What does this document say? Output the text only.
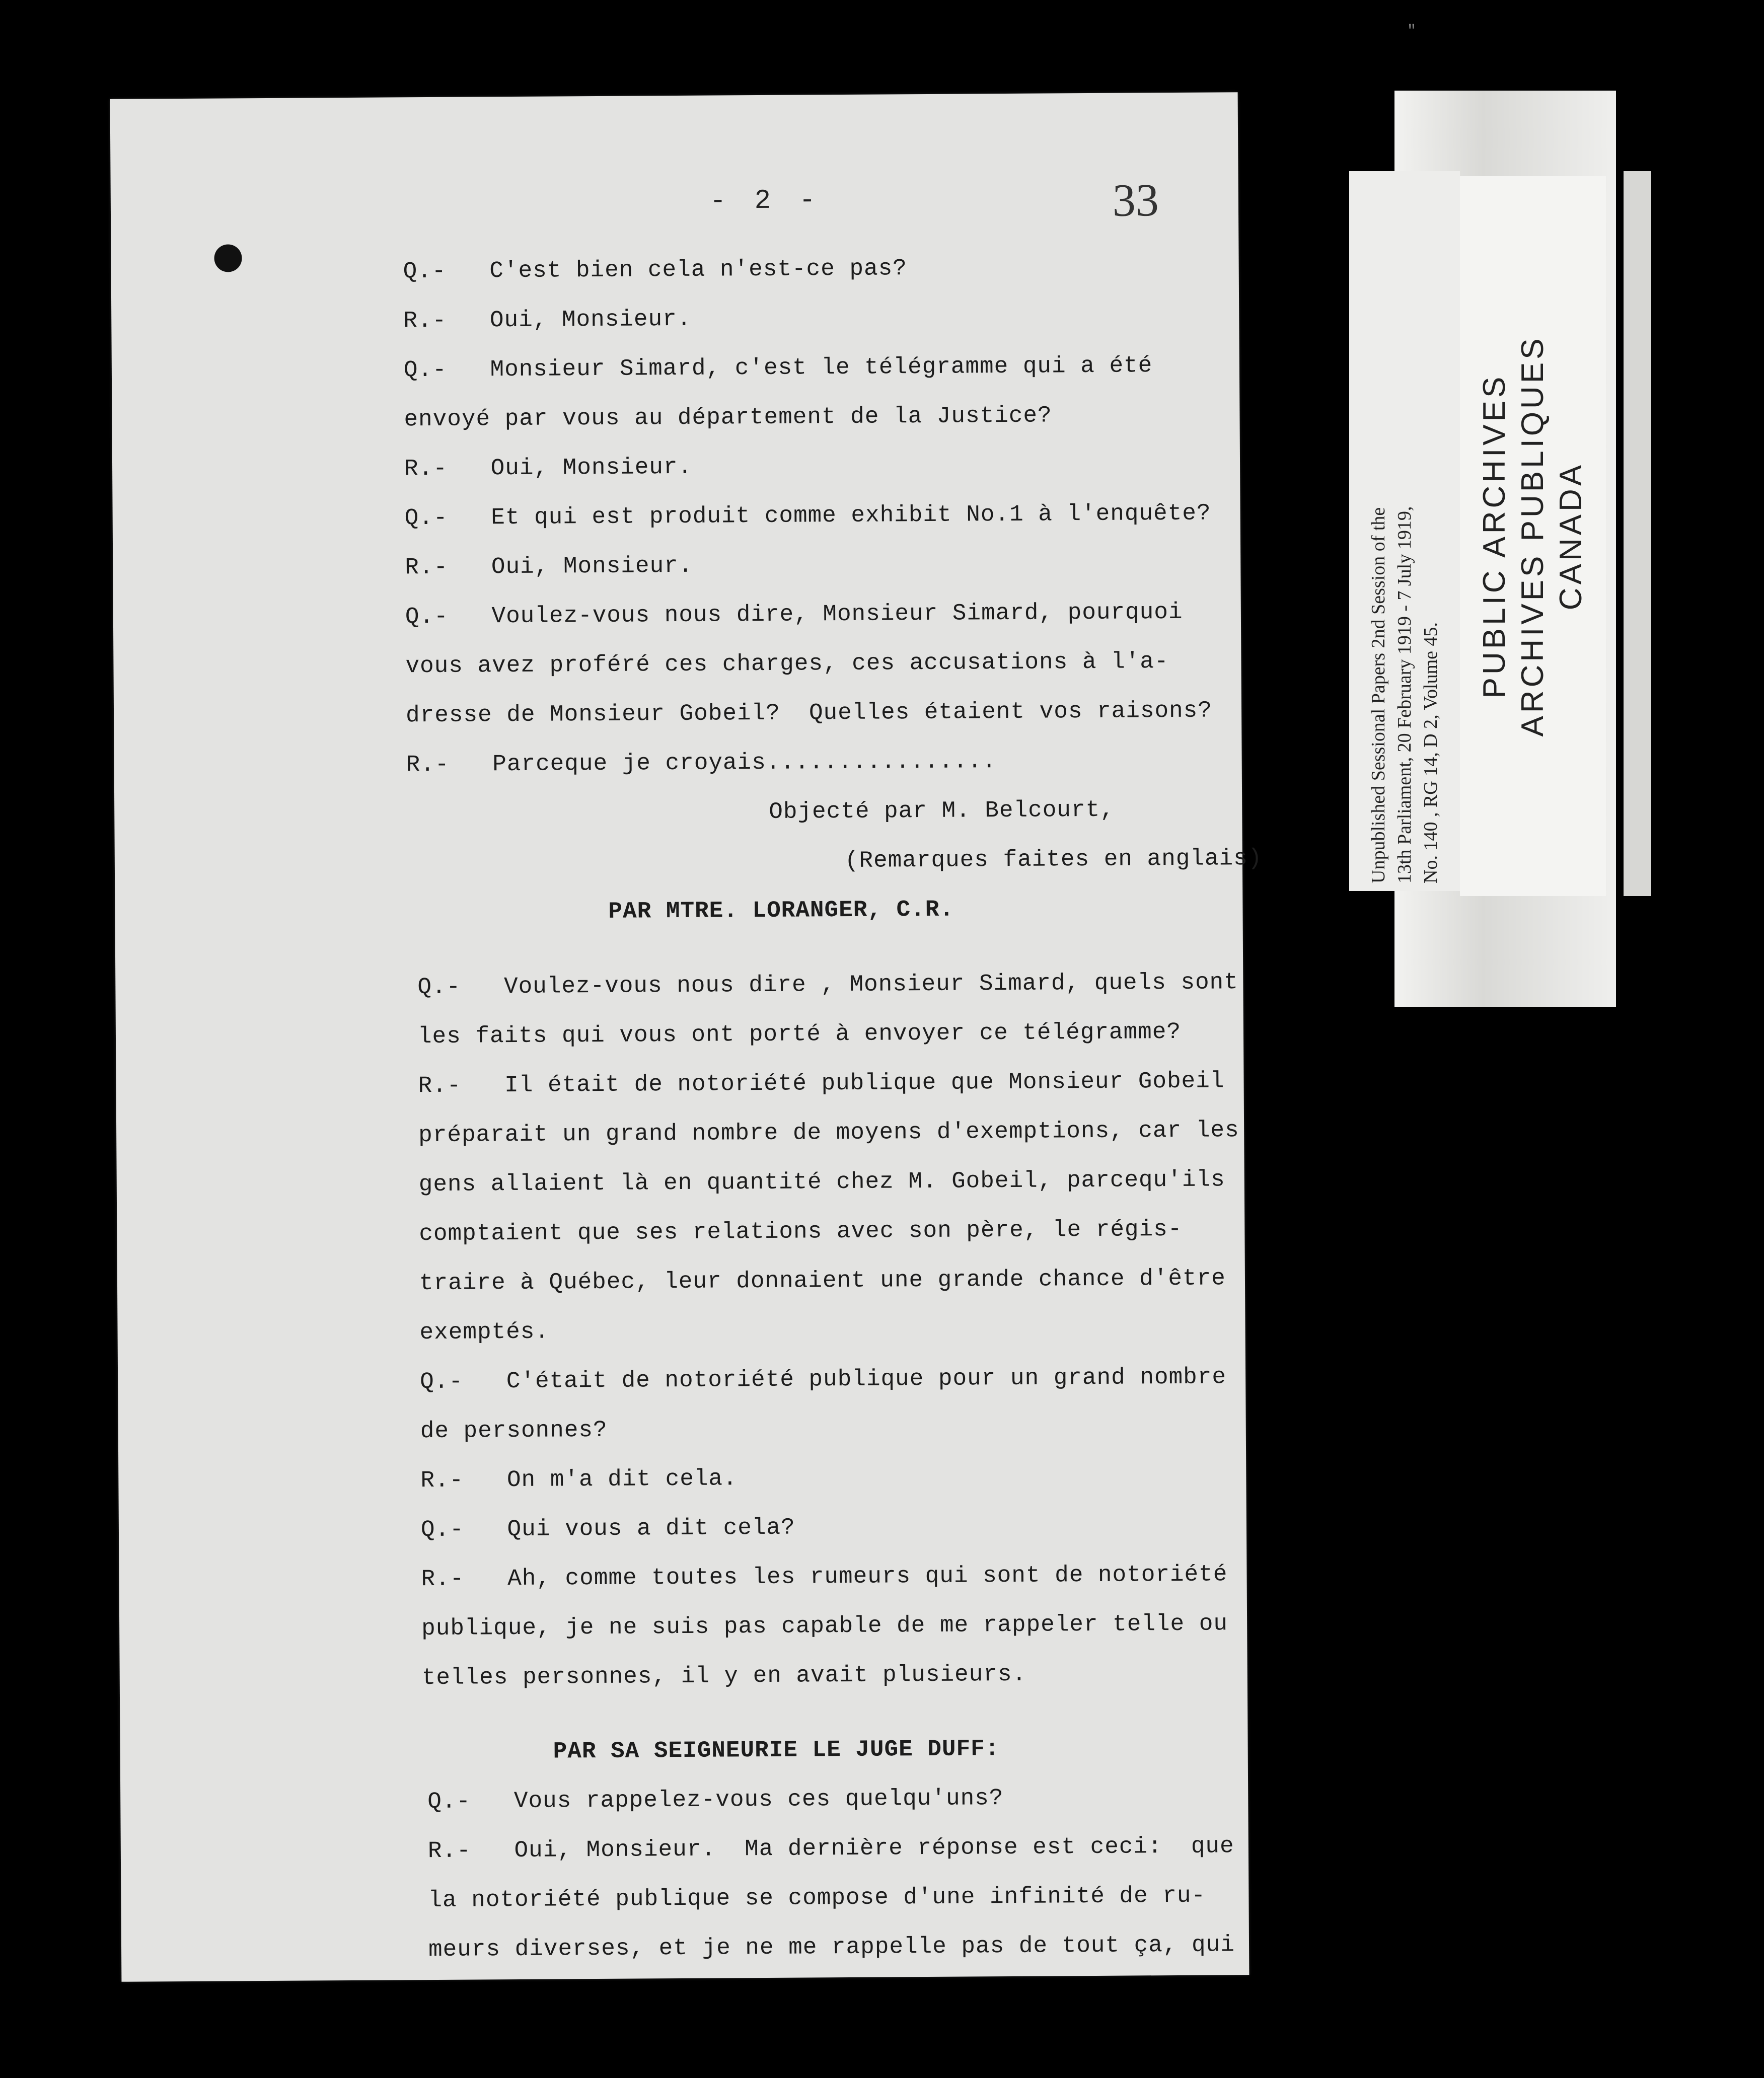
- 2 -	33
Q.-   C'est bien cela n'est-ce pas?
R.-   Oui, Monsieur.
Q.-   Monsieur Simard, c'est le télégramme qui a été
envoyé par vous au département de la Justice?
R.-   Oui, Monsieur.
Q.-   Et qui est produit comme exhibit No.1 à l'enquête?
R.-   Oui, Monsieur.
Q.-   Voulez-vous nous dire, Monsieur Simard, pourquoi
vous avez proféré ces charges, ces accusations à l'a-
dresse de Monsieur Gobeil?  Quelles étaient vos raisons?
R.-   Parceque je croyais................
Objecté par M. Belcourt,
(Remarques faites en anglais)
PAR MTRE. LORANGER, C.R.
Q.-   Voulez-vous nous dire , Monsieur Simard, quels sont
les faits qui vous ont porté à envoyer ce télégramme?
R.-   Il était de notoriété publique que Monsieur Gobeil
préparait un grand nombre de moyens d'exemptions, car les
gens allaient là en quantité chez M. Gobeil, parcequ'ils
comptaient que ses relations avec son père, le régis-
traire à Québec, leur donnaient une grande chance d'être
exemptés.
Q.-   C'était de notoriété publique pour un grand nombre
de personnes?
R.-   On m'a dit cela.
Q.-   Qui vous a dit cela?
R.-   Ah, comme toutes les rumeurs qui sont de notoriété
publique, je ne suis pas capable de me rappeler telle ou
telles personnes, il y en avait plusieurs.
PAR SA SEIGNEURIE LE JUGE DUFF:
Q.-   Vous rappelez-vous ces quelqu'uns?
R.-   Oui, Monsieur.  Ma dernière réponse est ceci:  que
la notoriété publique se compose d'une infinité de ru-
meurs diverses, et je ne me rappelle pas de tout ça, qui
Unpublished Sessional Papers 2nd Session of the 13th Parliament, 20 February 1919 - 7 July 1919, No. 140 , RG 14, D 2, Volume 45.
PUBLIC ARCHIVES ARCHIVES PUBLIQUES CANADA
"
